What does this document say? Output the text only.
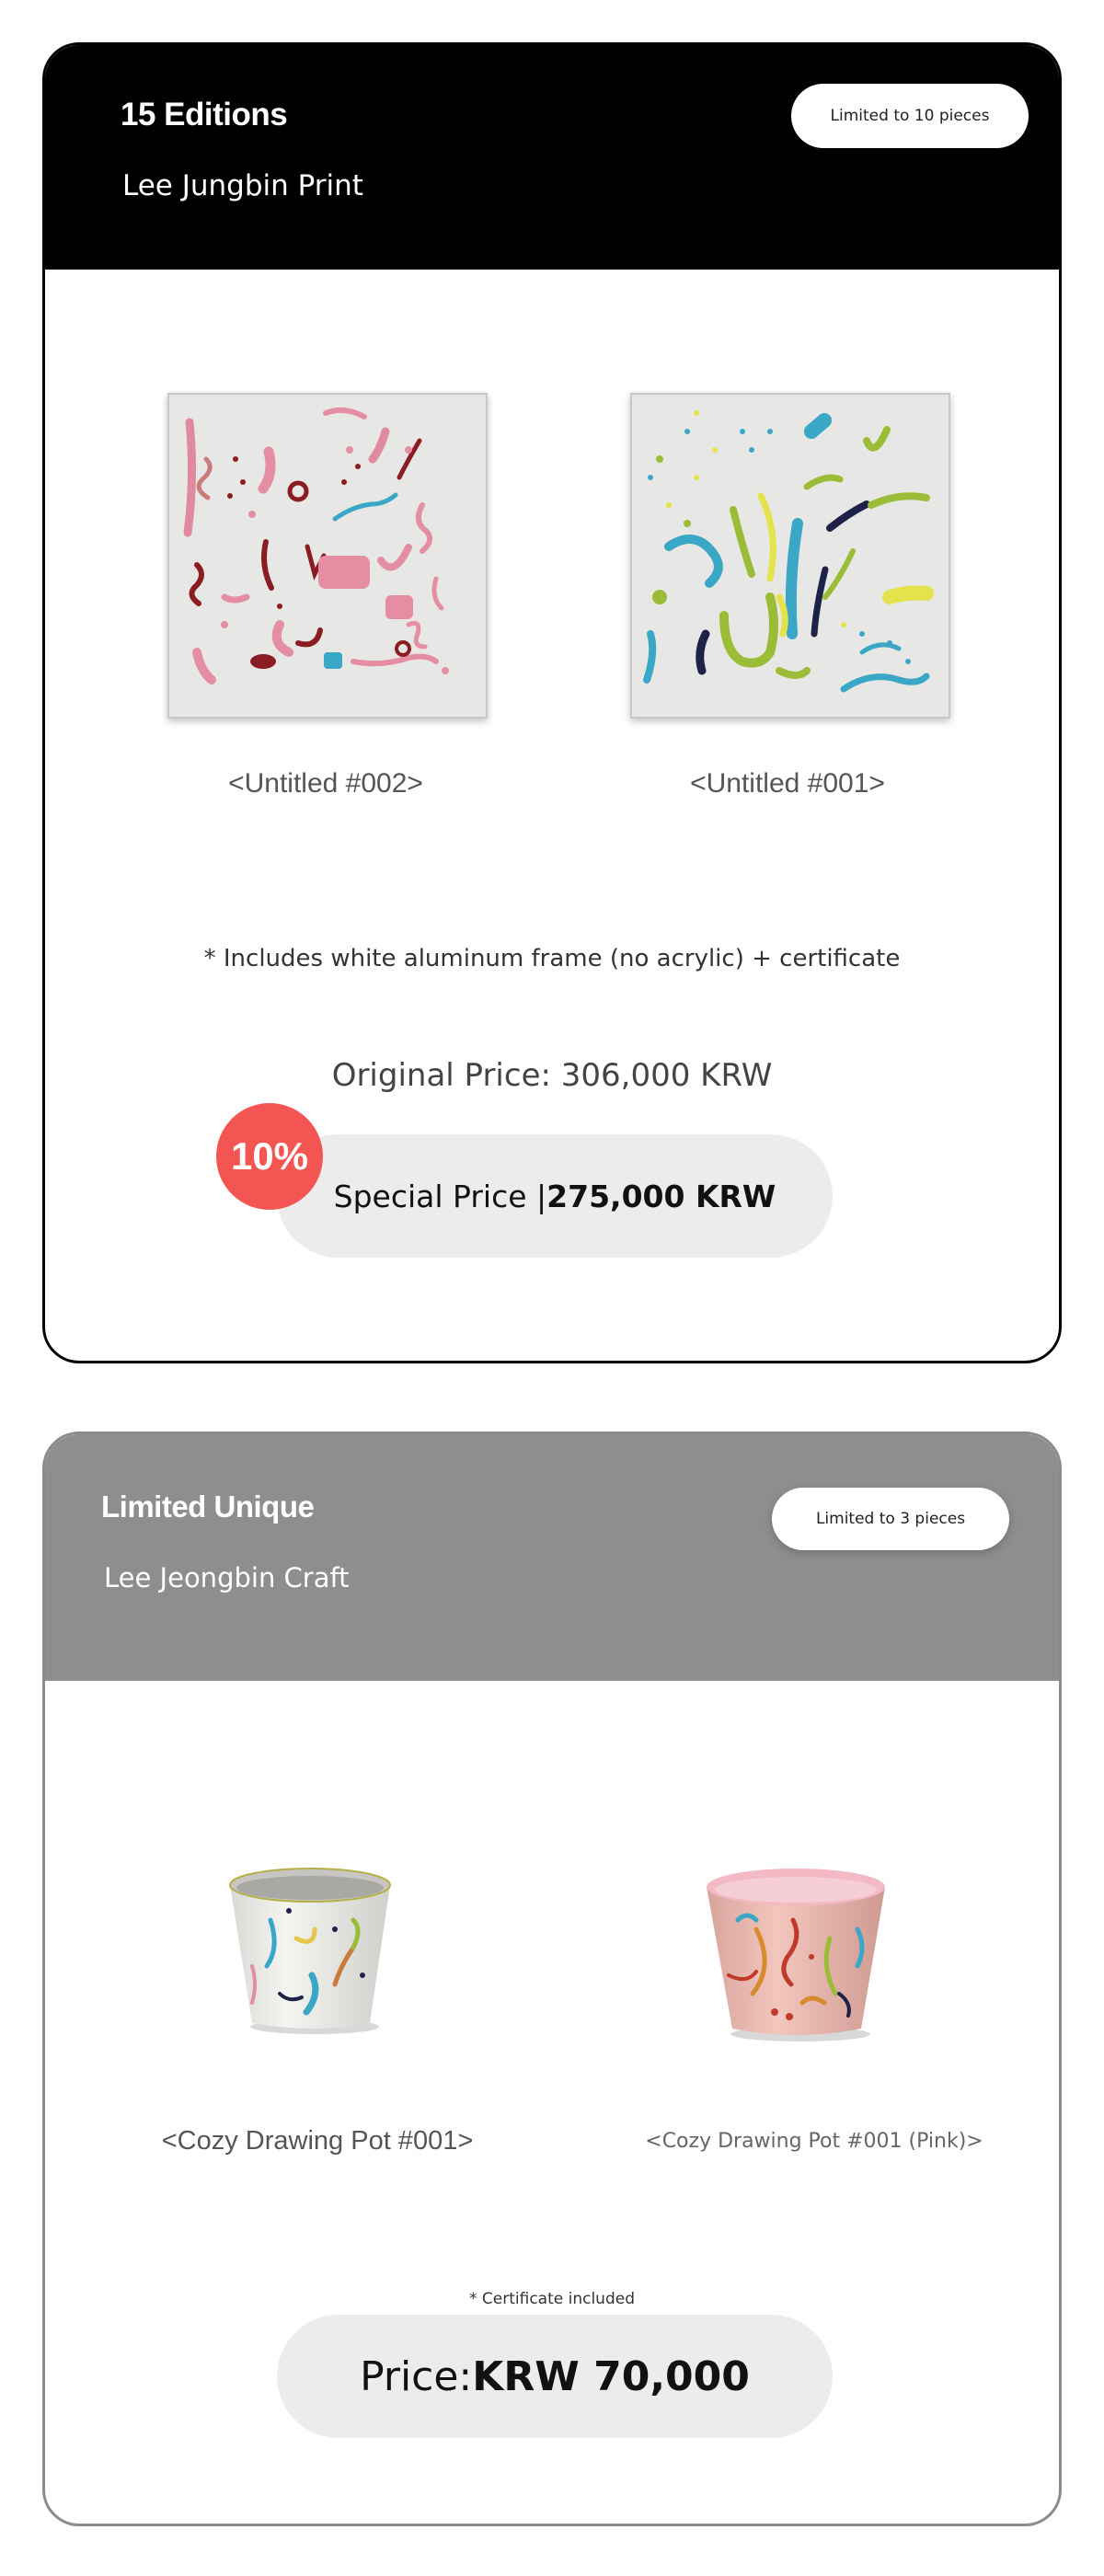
15 Editions
Lee Jungbin Print
Limited to 10 pieces
<Untitled #002>	<Untitled #001>
* Includes white aluminum frame (no acrylic) + certificate
Original Price: 306,000 KRW
Special Price | 275,000 KRW
10%
Limited Unique
Lee Jeongbin Craft
Limited to 3 pieces
<Cozy Drawing Pot #001>	<Cozy Drawing Pot #001 (Pink)>
* Certificate included
Price: KRW 70,000
